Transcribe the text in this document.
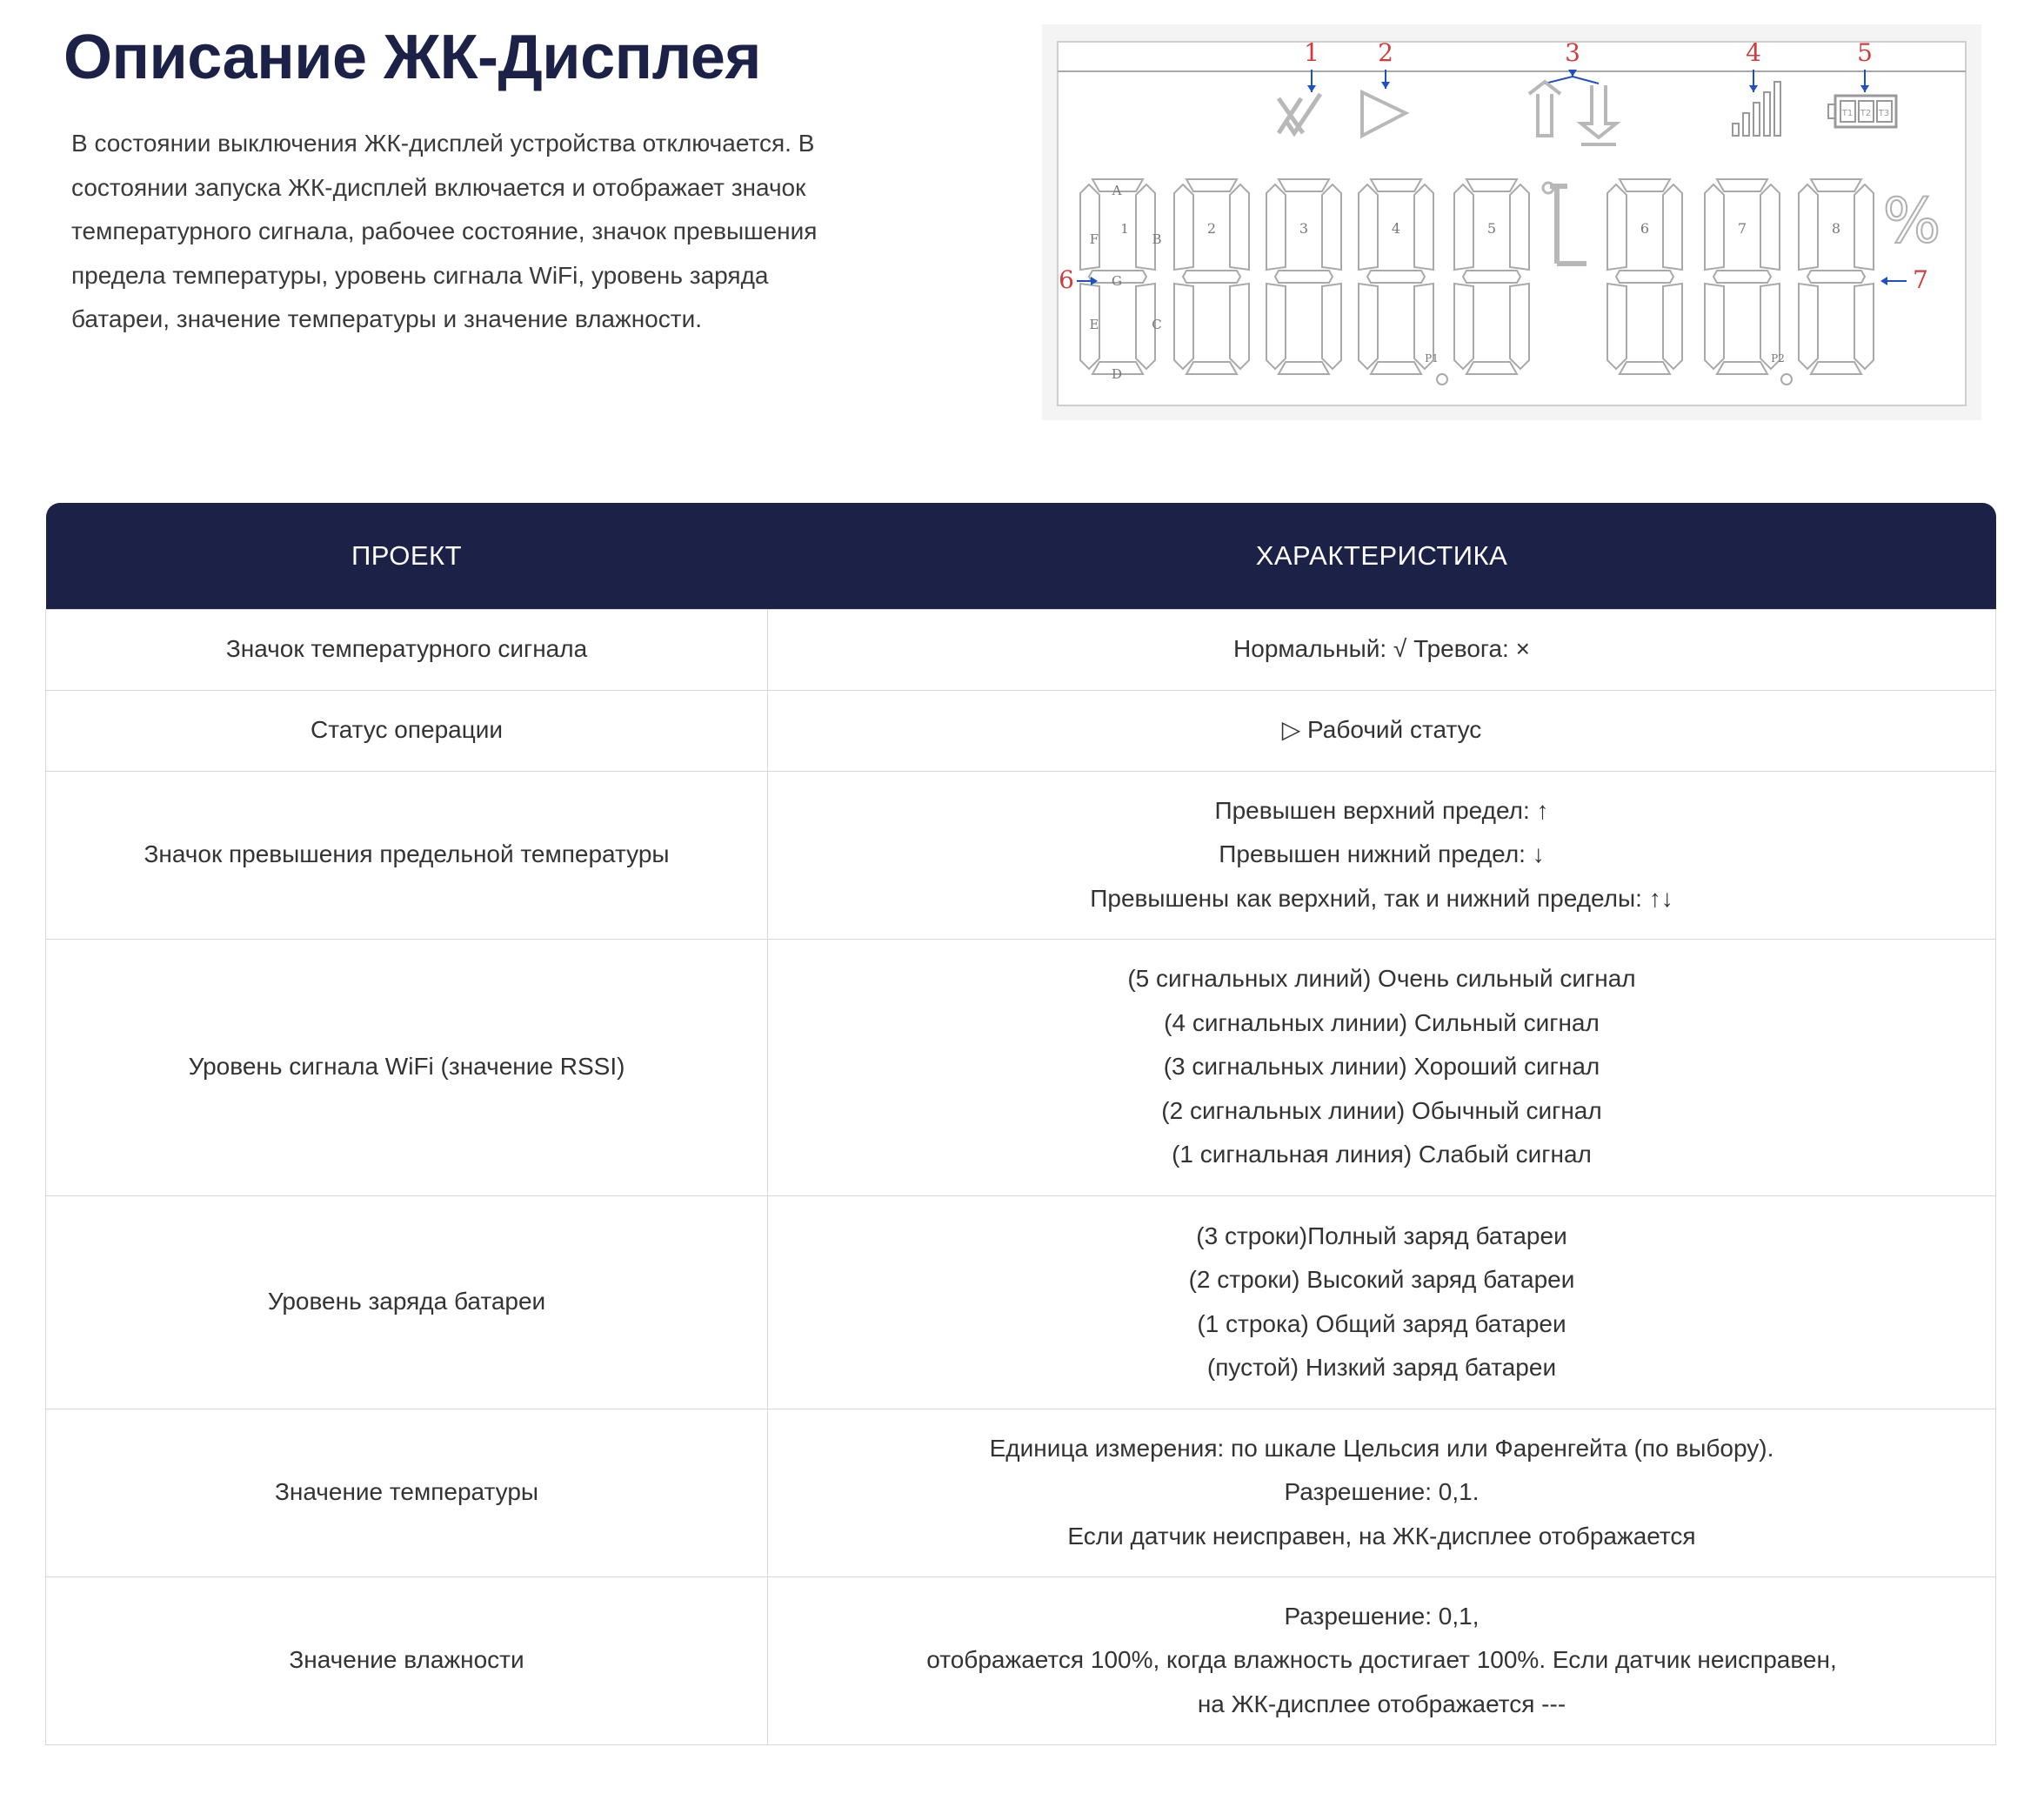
Описание ЖК-Дисплея

В состоянии выключения ЖК-дисплей устройства отключается. В состоянии запуска ЖК-дисплей включается и отображает значок температурного сигнала, рабочее состояние, значок превышения предела температуры, уровень сигнала WiFi, уровень заряда батареи, значение температуры и значение влажности.

1 2	3	4	5
T1 T2 T3
2	3	4	5	6	7	8
A
B
C
D
E
F
G
1
P1	P2
%
6	7
ПРОЕКТ	ХАРАКТЕРИСТИКА
Значок температурного сигнала	Нормальный: √ Тревога: ×

Статус операции	▷ Рабочий статус

Значок превышения предельной температуры	Превышен верхний предел: ↑
Превышен нижний предел: ↓
Превышены как верхний, так и нижний пределы: ↑↓

Уровень сигнала WiFi (значение RSSI)	(5 сигнальных линий) Очень сильный сигнал
(4 сигнальных линии) Сильный сигнал
(3 сигнальных линии) Хороший сигнал
(2 сигнальных линии) Обычный сигнал
(1 сигнальная линия) Слабый сигнал

Уровень заряда батареи	(3 строки)Полный заряд батареи
(2 строки) Высокий заряд батареи
(1 строка) Общий заряд батареи
(пустой) Низкий заряд батареи

Значение температуры	Единица измерения: по шкале Цельсия или Фаренгейта (по выбору).
Разрешение: 0,1.
Если датчик неисправен, на ЖК-дисплее отображается

Значение влажности	Разрешение: 0,1,
отображается 100%, когда влажность достигает 100%. Если датчик неисправен,
на ЖК-дисплее отображается ---
